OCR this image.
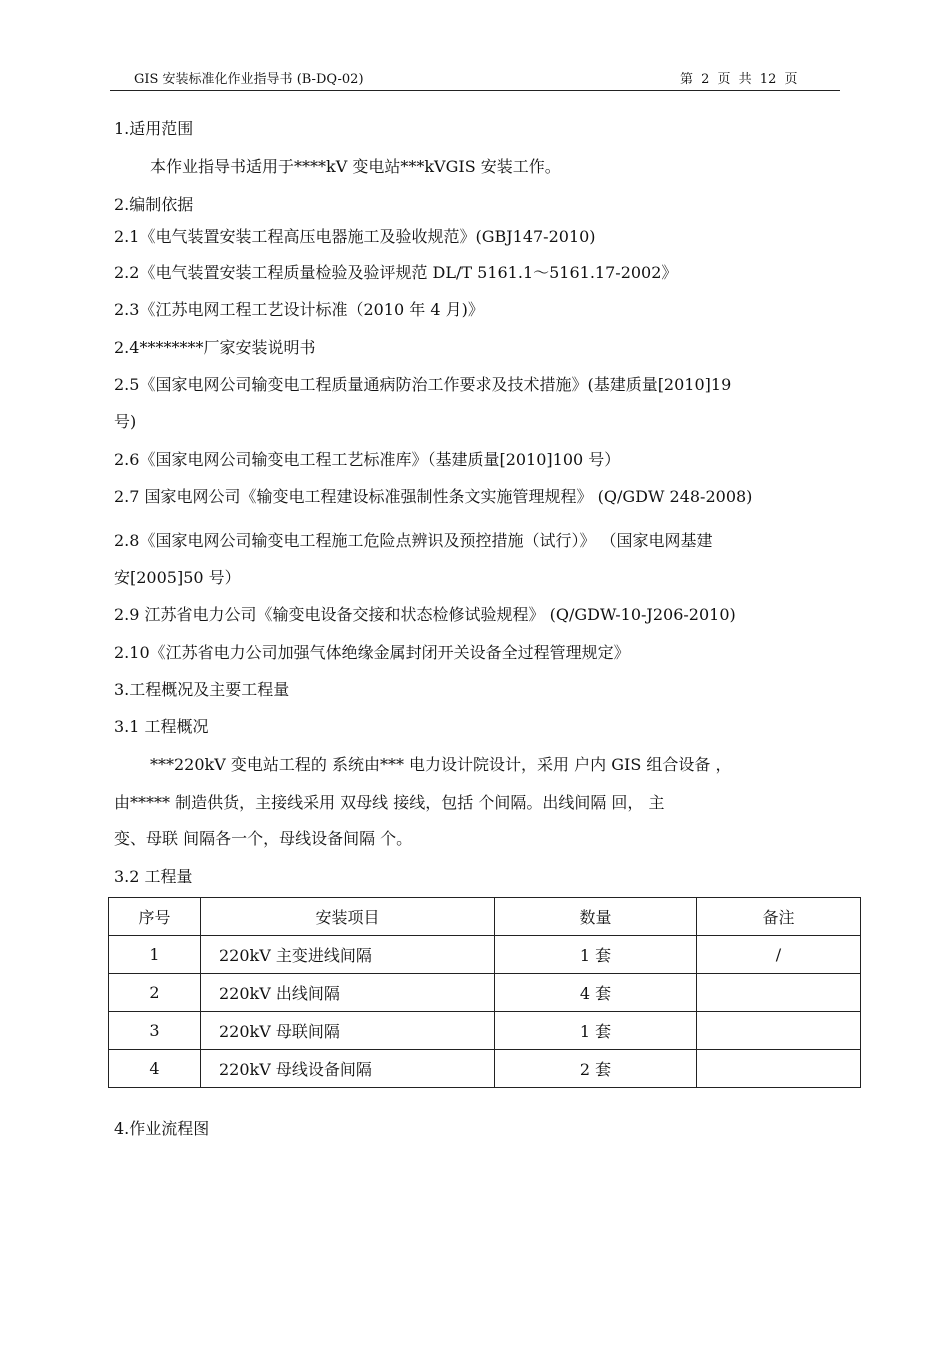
GIS 安装标准化作业指导书 (B-DQ-02)	第 2 页 共 12 页
1.适用范围
本作业指导书适用于****kV 变电站***kVGIS 安装工作。
2.编制依据
2.1《电气装置安装工程高压电器施工及验收规范》(GBJ147-2010)
2.2《电气装置安装工程质量检验及验评规范 DL/T 5161.1～5161.17-2002》
2.3《江苏电网工程工艺设计标准（2010 年 4 月)》
2.4********厂家安装说明书
2.5《国家电网公司输变电工程质量通病防治工作要求及技术措施》(基建质量[2010]19
号)
2.6《国家电网公司输变电工程工艺标准库》（基建质量[2010]100 号）
2.7 国家电网公司《输变电工程建设标准强制性条文实施管理规程》 (Q/GDW 248-2008)
2.8《国家电网公司输变电工程施工危险点辨识及预控措施（试行）》 （国家电网基建
安[2005]50 号）
2.9 江苏省电力公司《输变电设备交接和状态检修试验规程》 (Q/GDW-10-J206-2010)
2.10《江苏省电力公司加强气体绝缘金属封闭开关设备全过程管理规定》
3.工程概况及主要工程量
3.1 工程概况
***220kV 变电站工程的 系统由*** 电力设计院设计，采用 户内 GIS 组合设备 ，
由***** 制造供货，主接线采用 双母线 接线，包括 个间隔。出线间隔 回， 主
变、母联 间隔各一个，母线设备间隔 个。
3.2 工程量
序号	安装项目	数量	备注
1	220kV 主变进线间隔	1 套	/
2	220kV 出线间隔	4 套	
3	220kV 母联间隔	1 套	
4	220kV 母线设备间隔	2 套	
4.作业流程图
